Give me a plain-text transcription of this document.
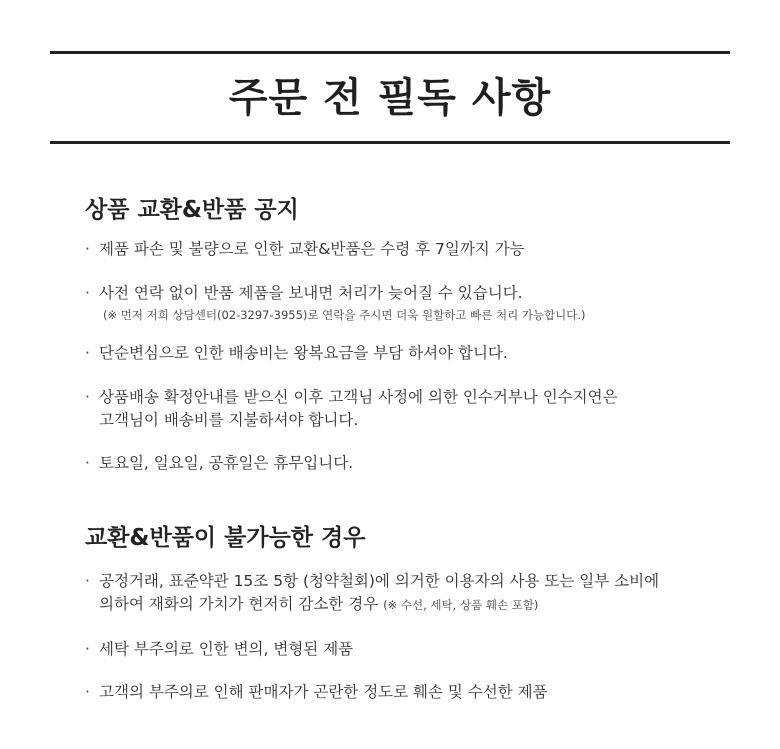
주문 전 필독 사항
상품 교환&반품 공지
· 제품 파손 및 불량으로 인한 교환&반품은 수령 후 7일까지 가능
· 사전 연락 없이 반품 제품을 보내면 처리가 늦어질 수 있습니다.
(※ 먼저 저희 상담센터(02-3297-3955)로 연락을 주시면 더욱 원할하고 빠른 처리 가능합니다.)
· 단순변심으로 인한 배송비는 왕복요금을 부담 하셔야 합니다.
· 상품배송 확정안내를 받으신 이후 고객님 사정에 의한 인수거부나 인수지연은
고객님이 배송비를 지불하셔야 합니다.
· 토요일, 일요일, 공휴일은 휴무입니다.
교환&반품이 불가능한 경우
· 공정거래, 표준약관 15조 5항 (청약철회)에 의거한 이용자의 사용 또는 일부 소비에
의하여 재화의 가치가 현저히 감소한 경우 (※ 수선, 세탁, 상품 훼손 포함)
· 세탁 부주의로 인한 변의, 변형된 제품
· 고객의 부주의로 인해 판매자가 곤란한 정도로 훼손 및 수선한 제품
